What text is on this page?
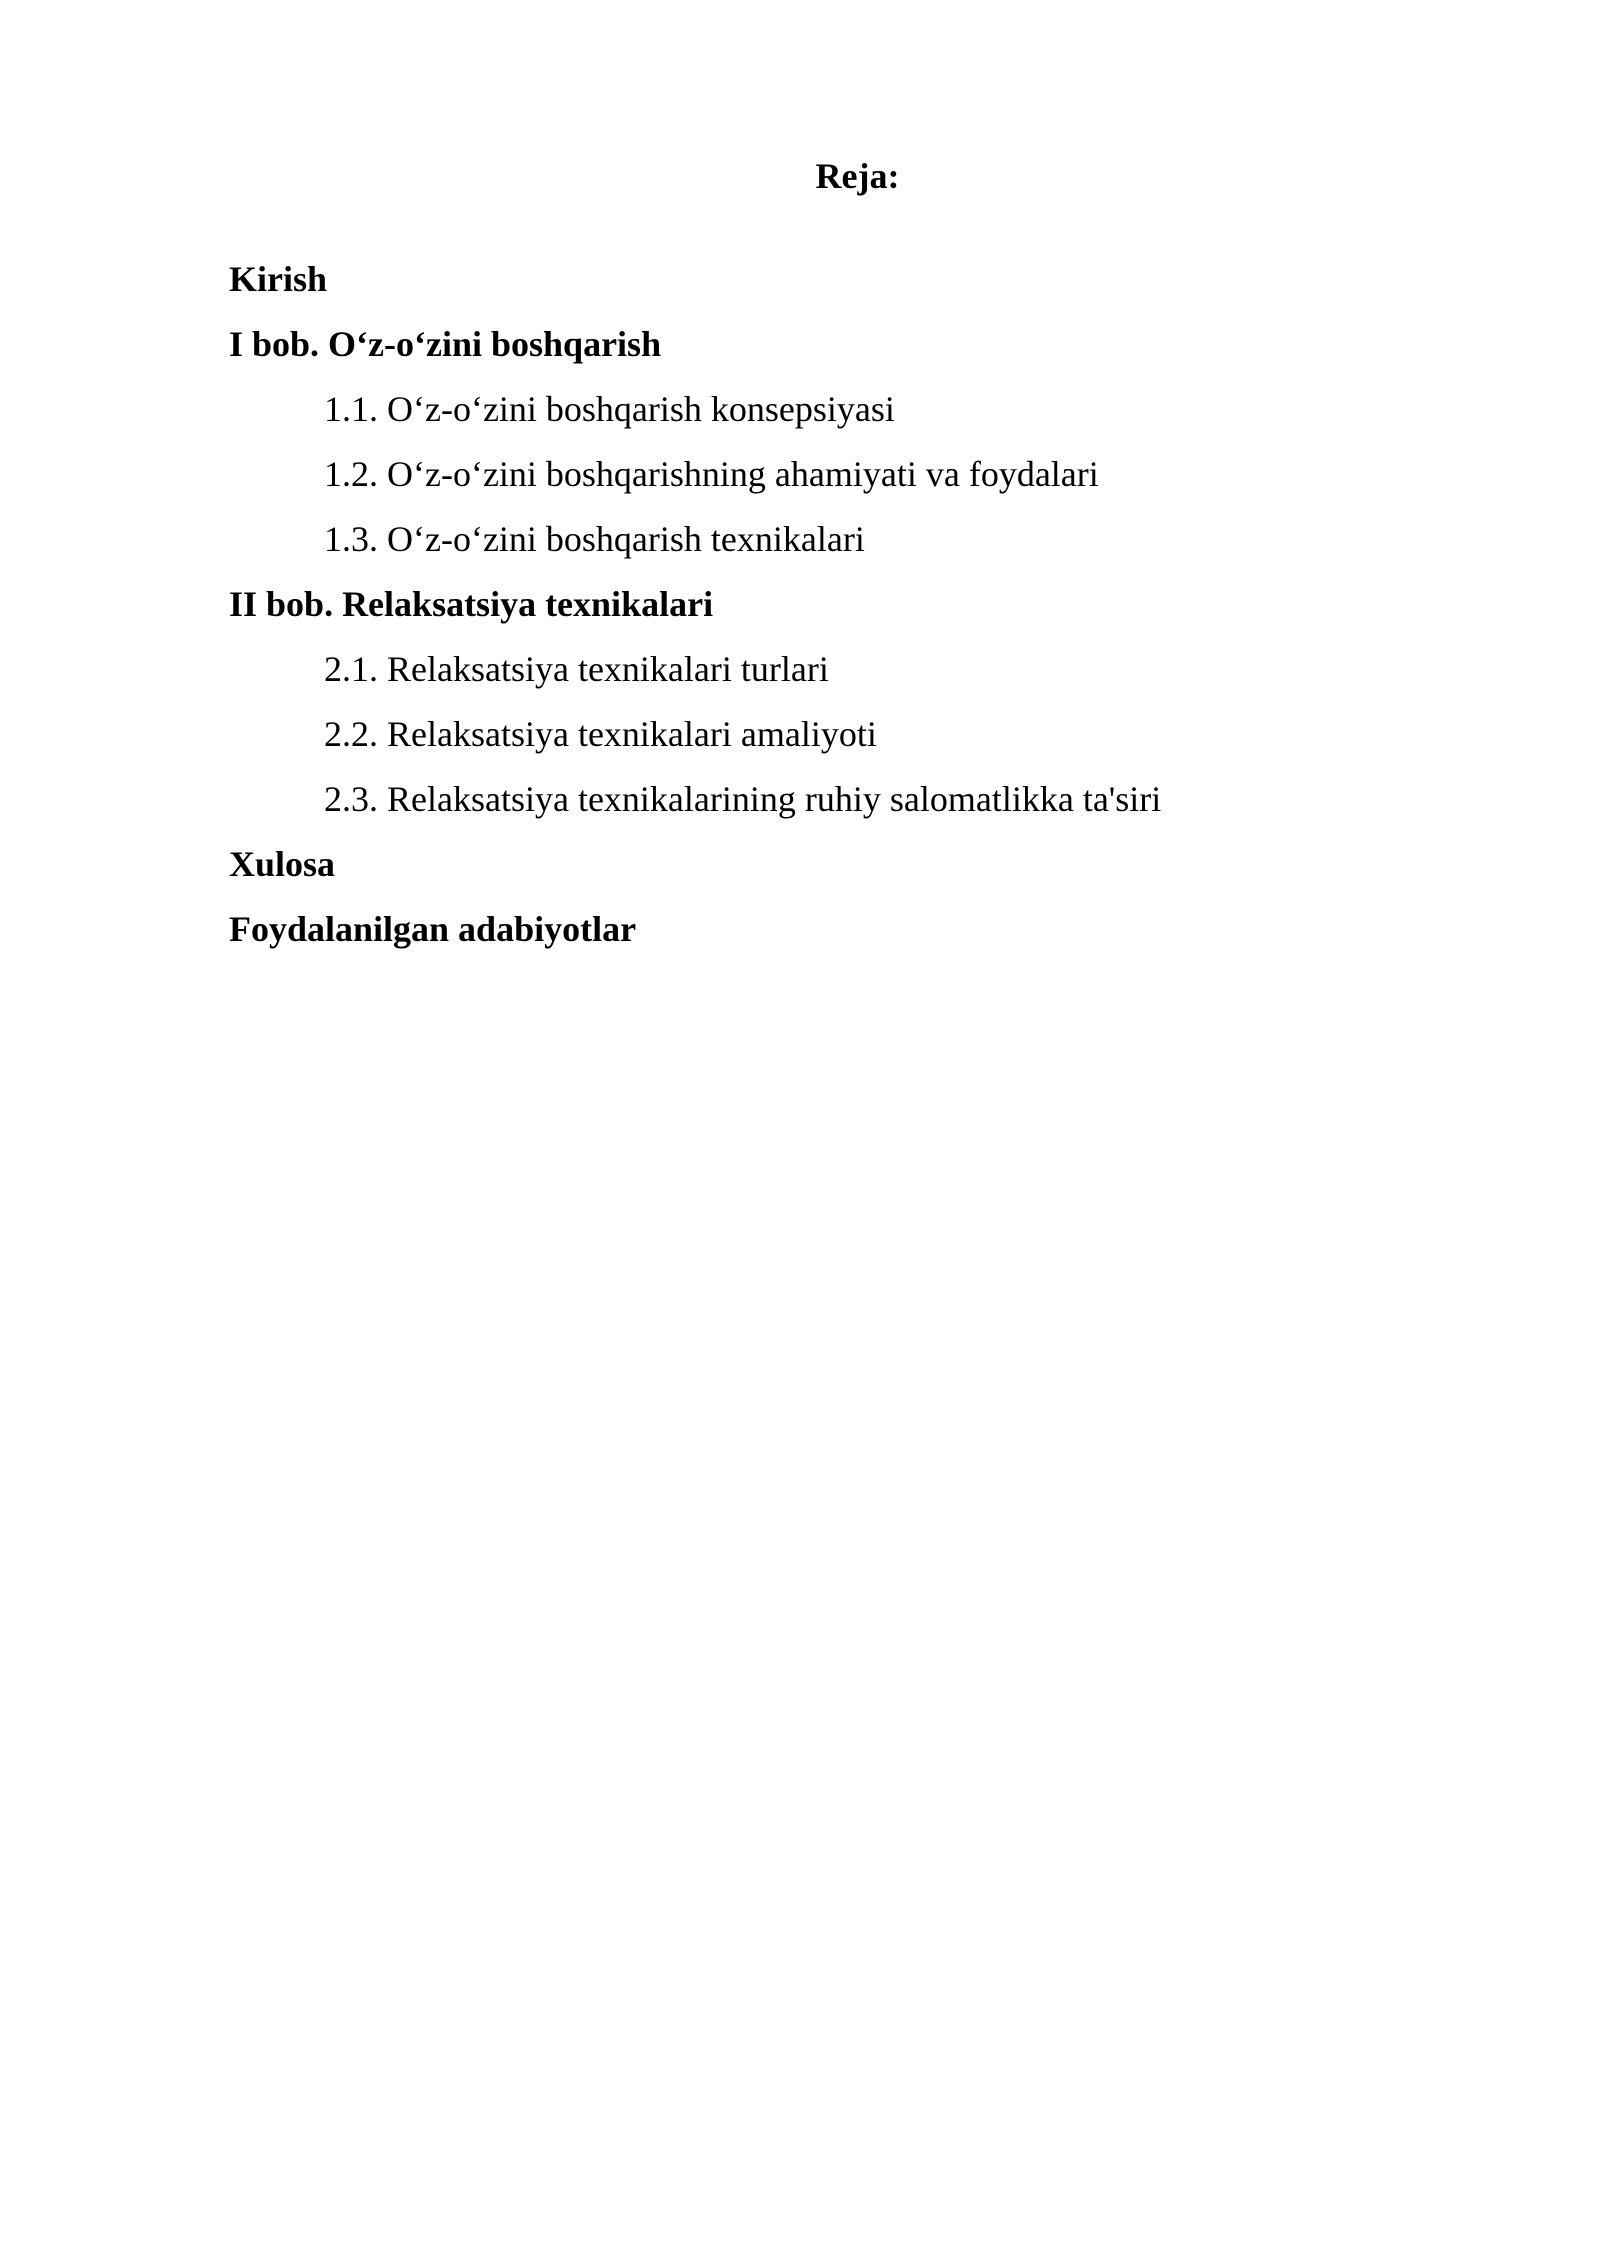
Reja:
Kirish
I bob. O‘z-o‘zini boshqarish
1.1. O‘z-o‘zini boshqarish konsepsiyasi
1.2. O‘z-o‘zini boshqarishning ahamiyati va foydalari
1.3. O‘z-o‘zini boshqarish texnikalari
II bob. Relaksatsiya texnikalari
2.1. Relaksatsiya texnikalari turlari
2.2. Relaksatsiya texnikalari amaliyoti
2.3. Relaksatsiya texnikalarining ruhiy salomatlikka ta'siri
Xulosa
Foydalanilgan adabiyotlar
